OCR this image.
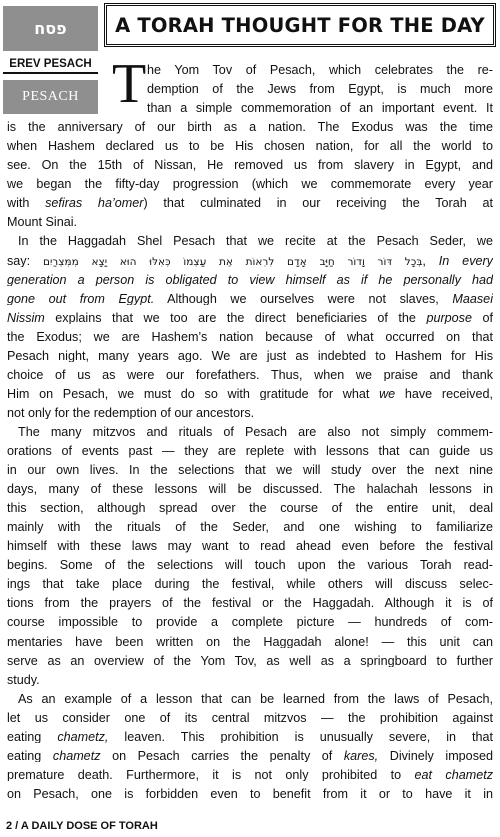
פסח	A TORAH THOUGHT FOR THE DAY
EREV PESACH
PESACH T he Yom Tov of Pesach, which celebrates the re-
demption of the Jews from Egypt, is much more
than a simple commemoration of an important event. It
is the anniversary of our birth as a nation. The Exodus was the time
when Hashem declared us to be His chosen nation, for all the world to
see. On the 15th of Nissan, He removed us from slavery in Egypt, and
we began the fifty-day progression (which we commemorate every year
with sefiras ha’omer) that culminated in our receiving the Torah at
Mount Sinai.
In the Haggadah Shel Pesach that we recite at the Pesach Seder, we
say: בְּכָל דּוֹר וָדוֹר חַיָּב אָדָם לִרְאוֹת אֶת עַצְמוֹ כְּאִלּוּ הוּא יָצָא מִמִּצְרַיִם, In every
generation a person is obligated to view himself as if he personally had
gone out from Egypt. Although we ourselves were not slaves, Maasei
Nissim explains that we too are the direct beneficiaries of the purpose of
the Exodus; we are Hashem’s nation because of what occurred on that
Pesach night, many years ago. We are just as indebted to Hashem for His
choice of us as were our forefathers. Thus, when we praise and thank
Him on Pesach, we must do so with gratitude for what we have received,
not only for the redemption of our ancestors.
The many mitzvos and rituals of Pesach are also not simply commem-
orations of events past — they are replete with lessons that can guide us
in our own lives. In the selections that we will study over the next nine
days, many of these lessons will be discussed. The halachah lessons in
this section, although spread over the course of the entire unit, deal
mainly with the rituals of the Seder, and one wishing to familiarize
himself with these laws may want to read ahead even before the festival
begins. Some of the selections will touch upon the various Torah read-
ings that take place during the festival, while others will discuss selec-
tions from the prayers of the festival or the Haggadah. Although it is of
course impossible to provide a complete picture — hundreds of com-
mentaries have been written on the Haggadah alone! — this unit can
serve as an overview of the Yom Tov, as well as a springboard to further
study.
As an example of a lesson that can be learned from the laws of Pesach,
let us consider one of its central mitzvos — the prohibition against
eating chametz, leaven. This prohibition is unusually severe, in that
eating chametz on Pesach carries the penalty of kares, Divinely imposed
premature death. Furthermore, it is not only prohibited to eat chametz
on Pesach, one is forbidden even to benefit from it or to have it in
2 / A DAILY DOSE OF TORAH
